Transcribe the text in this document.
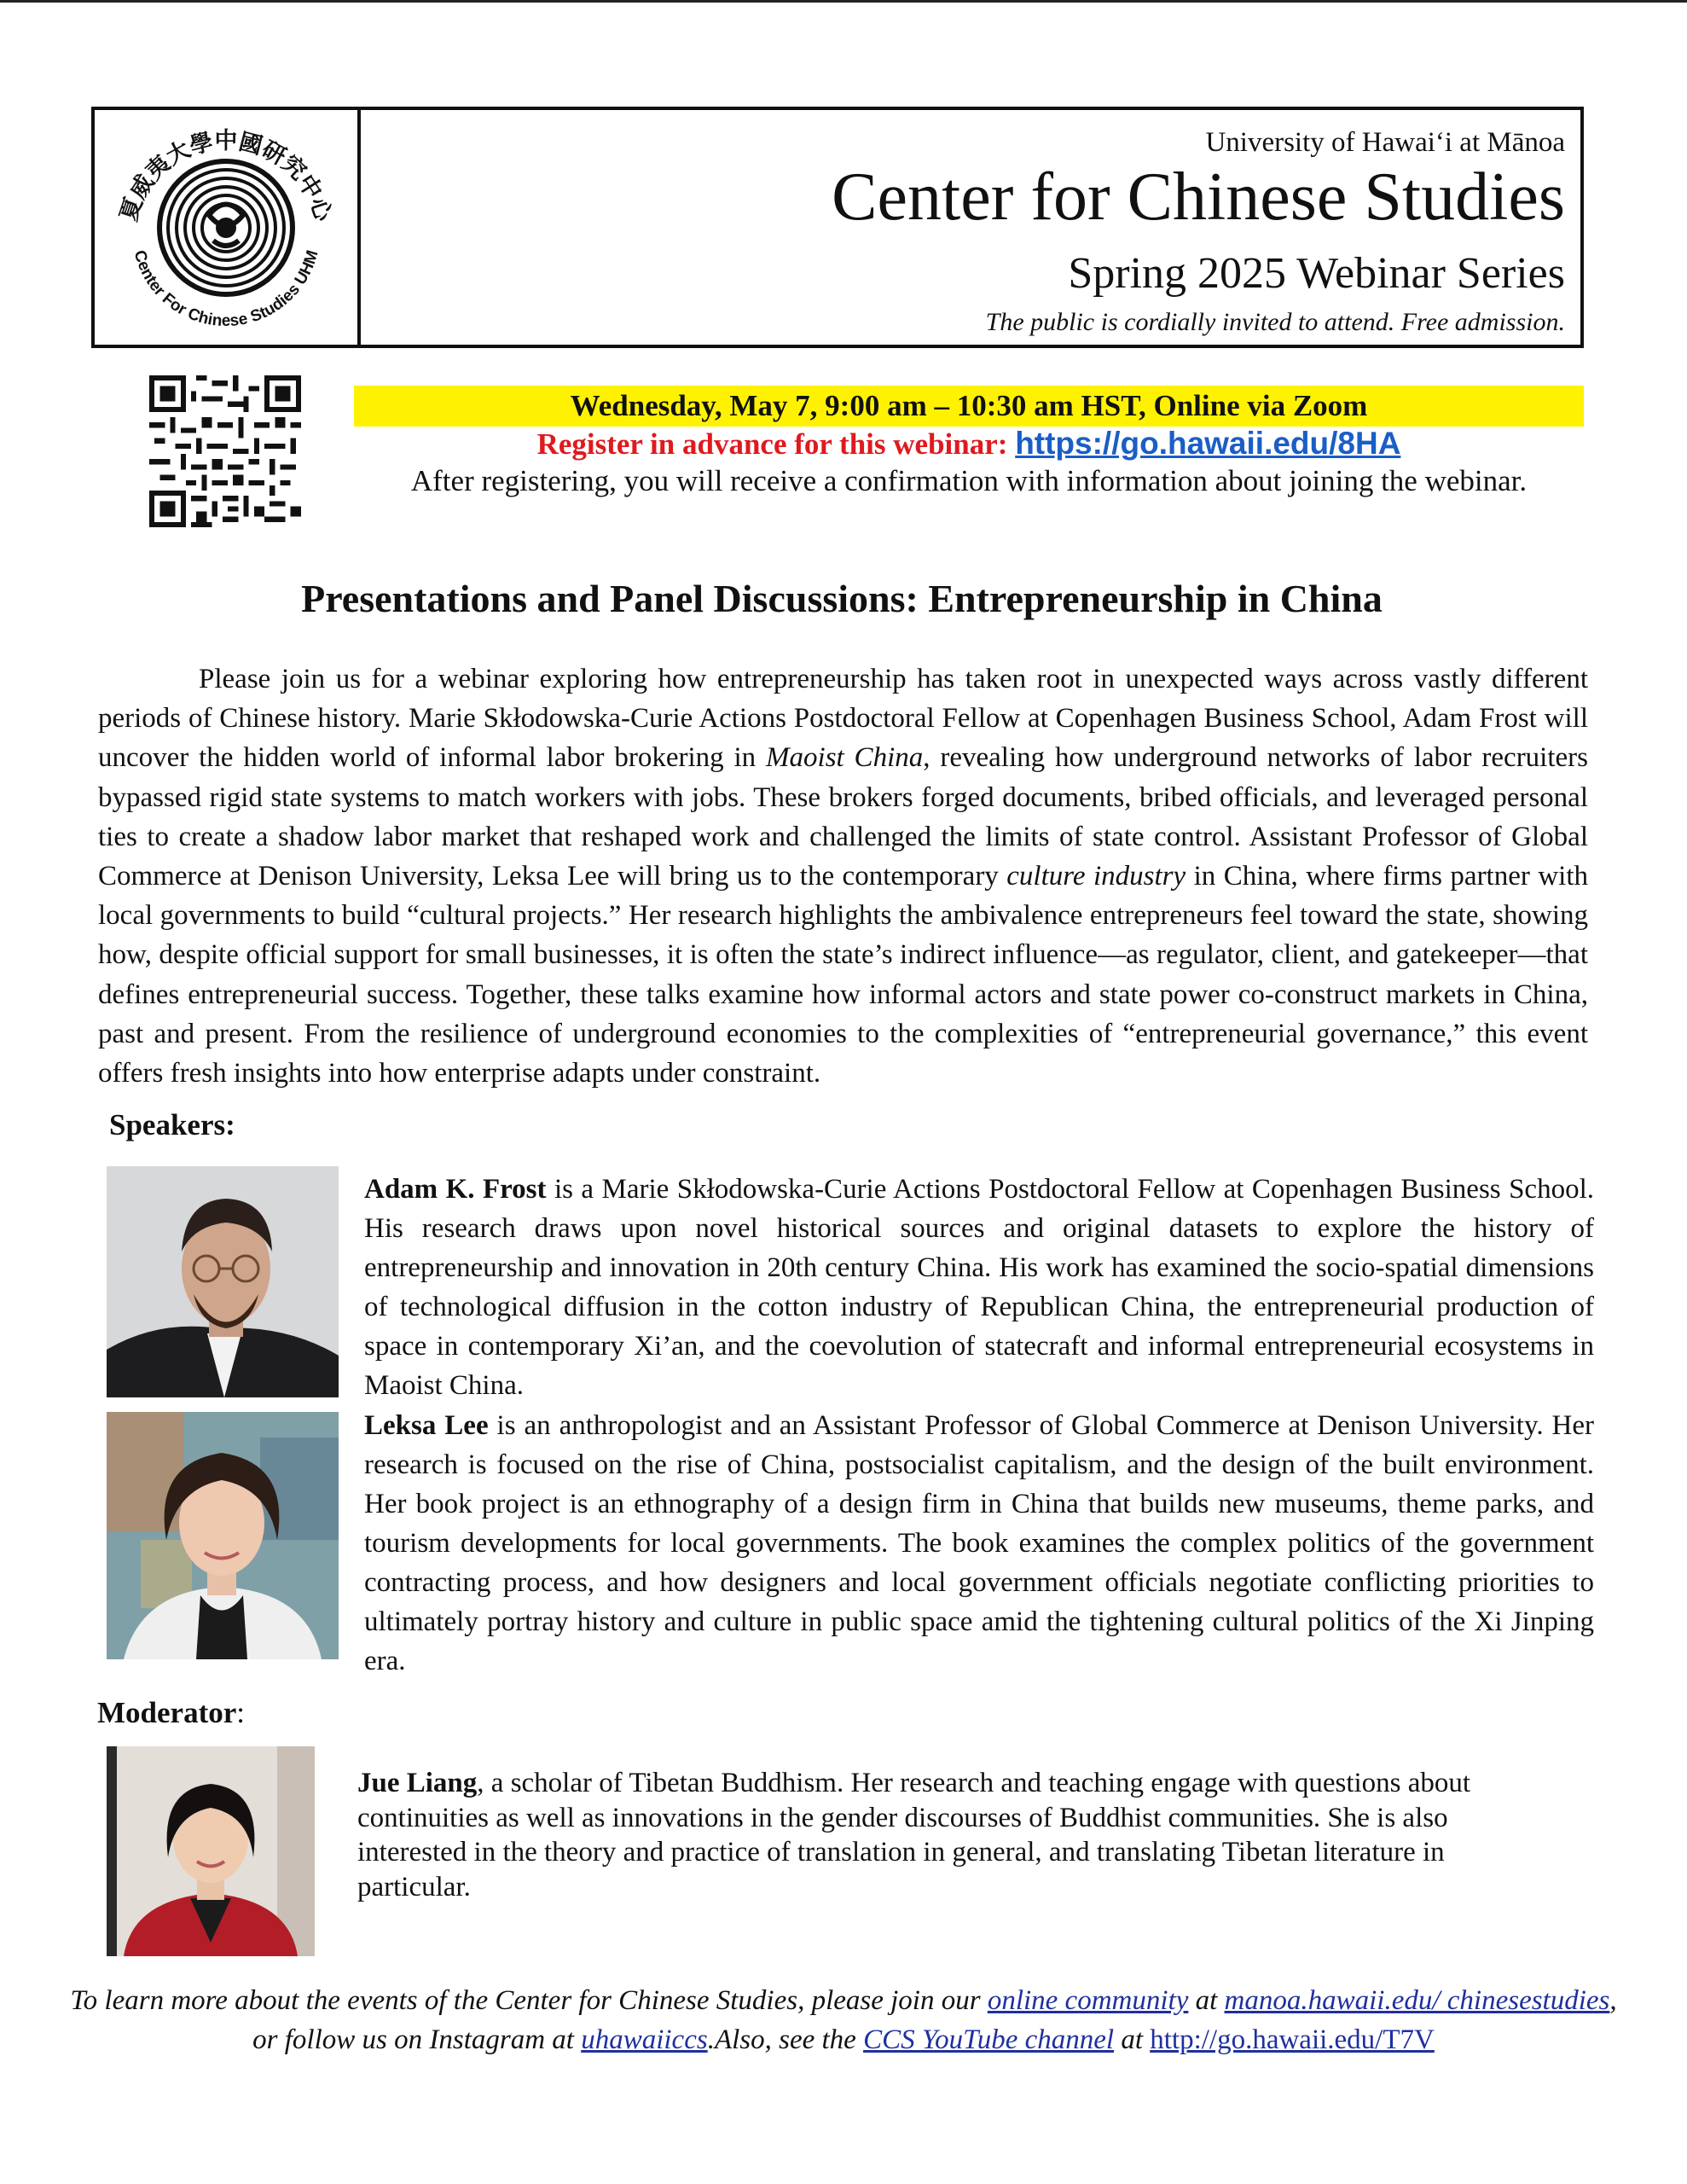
夏威夷大學中國研究中心
Center For Chinese Studies UHM
University of Hawaiʻi at Mānoa
Center for Chinese Studies
Spring 2025 Webinar Series
The public is cordially invited to attend. Free admission.
Wednesday, May 7, 9:00 am – 10:30 am HST, Online via Zoom
Register in advance for this webinar: https://go.hawaii.edu/8HA
After registering, you will receive a confirmation with information about joining the webinar.
Presentations and Panel Discussions: Entrepreneurship in China

Please join us for a webinar exploring how entrepreneurship has taken root in unexpected ways across vastly different periods of Chinese history. Marie Skłodowska-Curie Actions Postdoctoral Fellow at Copenhagen Business School, Adam Frost will uncover the hidden world of informal labor brokering in Maoist China, revealing how underground networks of labor recruiters bypassed rigid state systems to match workers with jobs. These brokers forged documents, bribed officials, and leveraged personal ties to create a shadow labor market that reshaped work and challenged the limits of state control. Assistant Professor of Global Commerce at Denison University, Leksa Lee will bring us to the contemporary culture industry in China, where firms partner with local governments to build “cultural projects.” Her research highlights the ambivalence entrepreneurs feel toward the state, showing how, despite official support for small businesses, it is often the state’s indirect influence—as regulator, client, and gatekeeper—that defines entrepreneurial success. Together, these talks examine how informal actors and state power co-construct markets in China, past and present. From the resilience of underground economies to the complexities of “entrepreneurial governance,” this event offers fresh insights into how enterprise adapts under constraint.

Speakers:

Adam K. Frost is a Marie Skłodowska-Curie Actions Postdoctoral Fellow at Copenhagen Business School. His research draws upon novel historical sources and original datasets to explore the history of entrepreneurship and innovation in 20th century China. His work has examined the socio-spatial dimensions of technological diffusion in the cotton industry of Republican China, the entrepreneurial production of space in contemporary Xi’an, and the coevolution of statecraft and informal entrepreneurial ecosystems in Maoist China.

Leksa Lee is an anthropologist and an Assistant Professor of Global Commerce at Denison University. Her research is focused on the rise of China, postsocialist capitalism, and the design of the built environment. Her book project is an ethnography of a design firm in China that builds new museums, theme parks, and tourism developments for local governments. The book examines the complex politics of the government contracting process, and how designers and local government officials negotiate conflicting priorities to ultimately portray history and culture in public space amid the tightening cultural politics of the Xi Jinping era.

Moderator:

Jue Liang, a scholar of Tibetan Buddhism. Her research and teaching engage with questions about continuities as well as innovations in the gender discourses of Buddhist communities. She is also interested in the theory and practice of translation in general, and translating Tibetan literature in particular.

To learn more about the events of the Center for Chinese Studies, please join our online community at manoa.hawaii.edu/ chinesestudies,
or follow us on Instagram at uhawaiiccs.Also, see the CCS YouTube channel at http://go.hawaii.edu/T7V
